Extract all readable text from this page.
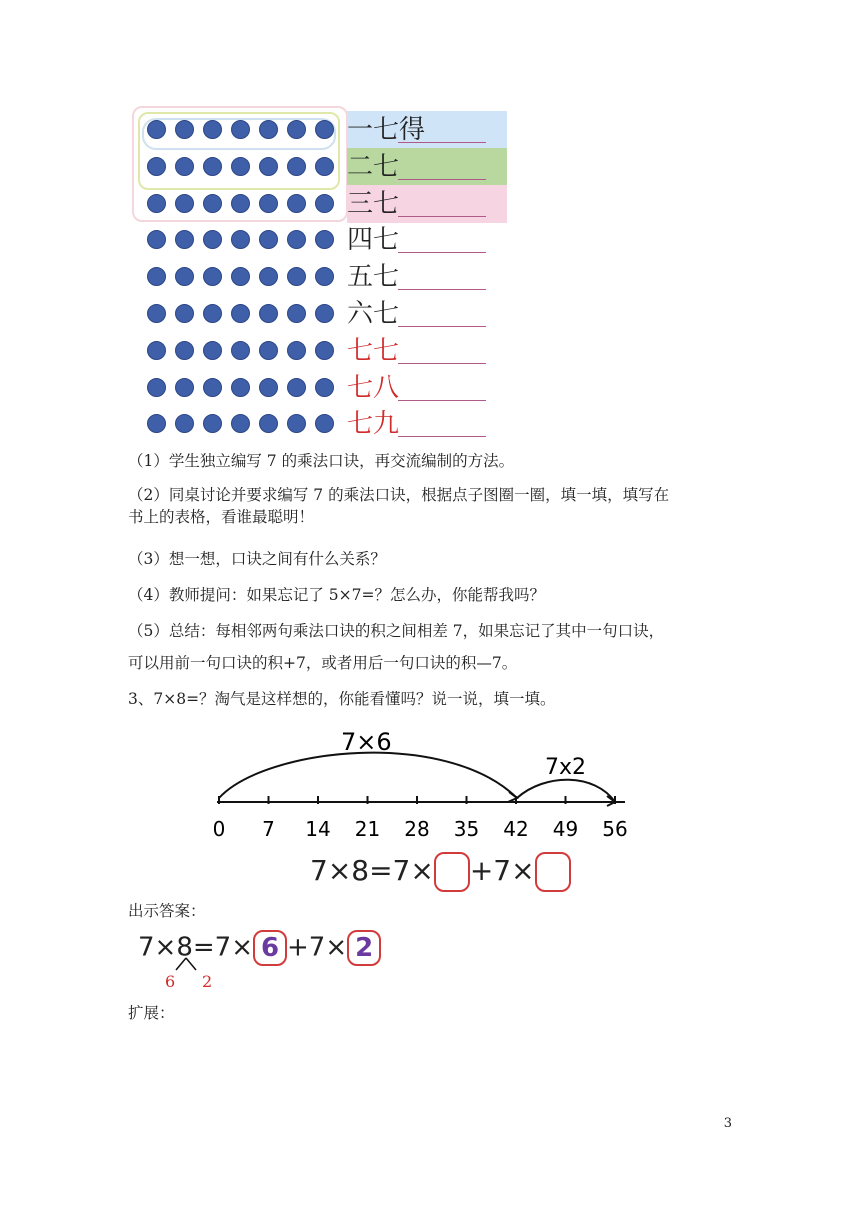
一七得
二七
三七
四七
五七
六七
七七
七八
七九
（1）学生独立编写 7 的乘法口诀，再交流编制的方法。
（2）同桌讨论并要求编写 7 的乘法口诀，根据点子图圈一圈，填一填，填写在
书上的表格，看谁最聪明！
（3）想一想，口诀之间有什么关系？
（4）教师提问：如果忘记了 5×7=？怎么办，你能帮我吗？
（5）总结：每相邻两句乘法口诀的积之间相差 7，如果忘记了其中一句口诀，
可以用前一句口诀的积+7，或者用后一句口诀的积—7。
3、7×8=？淘气是这样想的，你能看懂吗？说一说，填一填。
0 7 14 21 28 35 42 49 56
7×6
7x2
7×8=7× +7×
出示答案：
7×8=7× 6 +7× 2
6 2
扩展：
3
